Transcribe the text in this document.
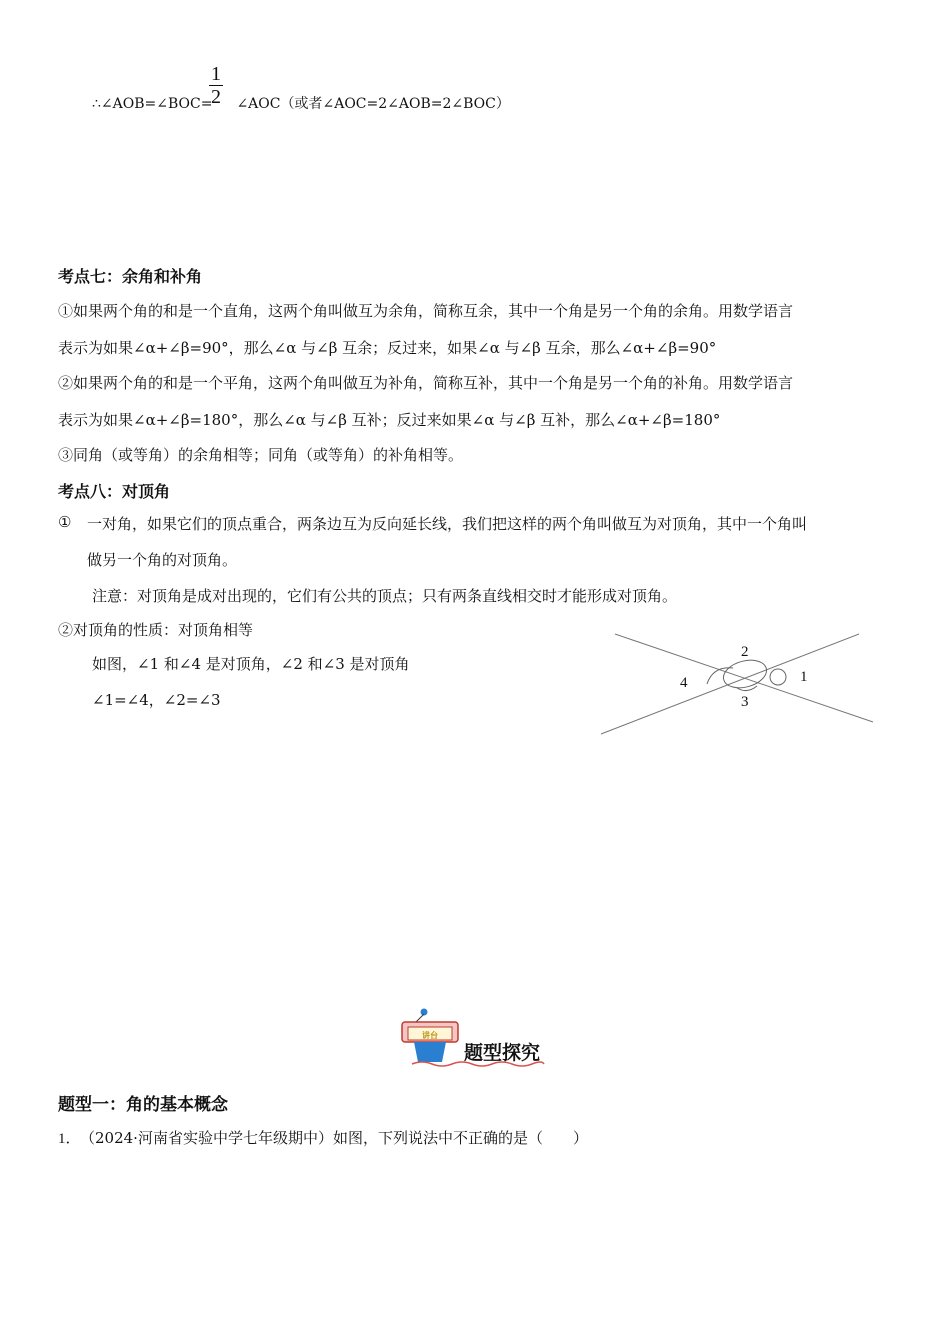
∴∠AOB=∠BOC= ∠AOC（或者∠AOC=2∠AOB=2∠BOC）
1
2
考点七：余角和补角
①如果两个角的和是一个直角，这两个角叫做互为余角，简称互余，其中一个角是另一个角的余角。用数学语言
表示为如果∠α+∠β=90°，那么∠α 与∠β 互余；反过来，如果∠α 与∠β 互余，那么∠α+∠β=90°
②如果两个角的和是一个平角，这两个角叫做互为补角，简称互补，其中一个角是另一个角的补角。用数学语言
表示为如果∠α+∠β=180°，那么∠α 与∠β 互补；反过来如果∠α 与∠β 互补，那么∠α+∠β=180°
③同角（或等角）的余角相等；同角（或等角）的补角相等。
考点八：对顶角
① 一对角，如果它们的顶点重合，两条边互为反向延长线，我们把这样的两个角叫做互为对顶角，其中一个角叫
做另一个角的对顶角。
注意：对顶角是成对出现的，它们有公共的顶点；只有两条直线相交时才能形成对顶角。
②对顶角的性质：对顶角相等
如图，∠1 和∠4 是对顶角，∠2 和∠3 是对顶角
∠1=∠4，∠2=∠3
2
1
3
4
讲台
题型探究
题型一：角的基本概念
1． （2024·河南省实验中学七年级期中）如图，下列说法中不正确的是（　　）
